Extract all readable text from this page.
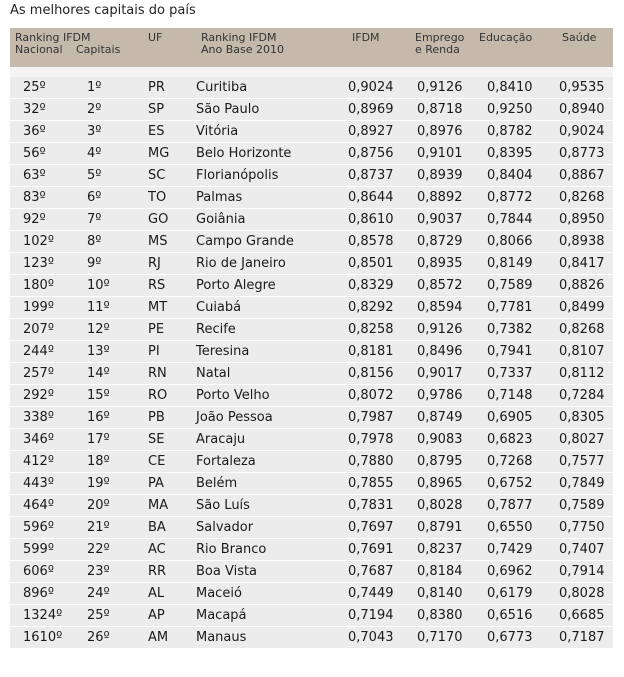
As melhores capitais do país
Ranking IFDM
Nacional Capitais
UF	Ranking IFDM
Ano Base 2010
IFDM	Emprego
e Renda
Educação	Saúde
25º	1º	PR Curitiba	0,9024 0,9126 0,8410 0,9535
32º	2º	SP São Paulo	0,8969 0,8718 0,9250 0,8940
36º	3º	ES Vitória	0,8927 0,8976 0,8782 0,9024
56º	4º	MG Belo Horizonte	0,8756 0,9101 0,8395 0,8773
63º	5º	SC Florianópolis	0,8737 0,8939 0,8404 0,8867
83º	6º	TO Palmas	0,8644 0,8892 0,8772 0,8268
92º	7º	GO Goiânia	0,8610 0,9037 0,7844 0,8950
102º	8º	MS Campo Grande	0,8578 0,8729 0,8066 0,8938
123º	9º	RJ	Rio de Janeiro	0,8501 0,8935 0,8149 0,8417
180º	10º	RS Porto Alegre	0,8329 0,8572 0,7589 0,8826
199º	11º	MT Cuiabá	0,8292 0,8594 0,7781 0,8499
207º	12º	PE Recife	0,8258 0,9126 0,7382 0,8268
244º	13º	PI	Teresina	0,8181 0,8496 0,7941 0,8107
257º	14º	RN Natal	0,8156 0,9017 0,7337 0,8112
292º	15º	RO Porto Velho	0,8072 0,9786 0,7148 0,7284
338º	16º	PB João Pessoa	0,7987 0,8749 0,6905 0,8305
346º	17º	SE Aracaju	0,7978 0,9083 0,6823 0,8027
412º	18º	CE Fortaleza	0,7880 0,8795 0,7268 0,7577
443º	19º	PA Belém	0,7855 0,8965 0,6752 0,7849
464º	20º	MA São Luís	0,7831 0,8028 0,7877 0,7589
596º	21º	BA Salvador	0,7697 0,8791 0,6550 0,7750
599º	22º	AC Rio Branco	0,7691 0,8237 0,7429 0,7407
606º	23º	RR Boa Vista	0,7687 0,8184 0,6962 0,7914
896º	24º	AL Maceió	0,7449 0,8140 0,6179 0,8028
1324º 25º	AP Macapá	0,7194 0,8380 0,6516 0,6685
1610º 26º	AM Manaus	0,7043 0,7170 0,6773 0,7187
